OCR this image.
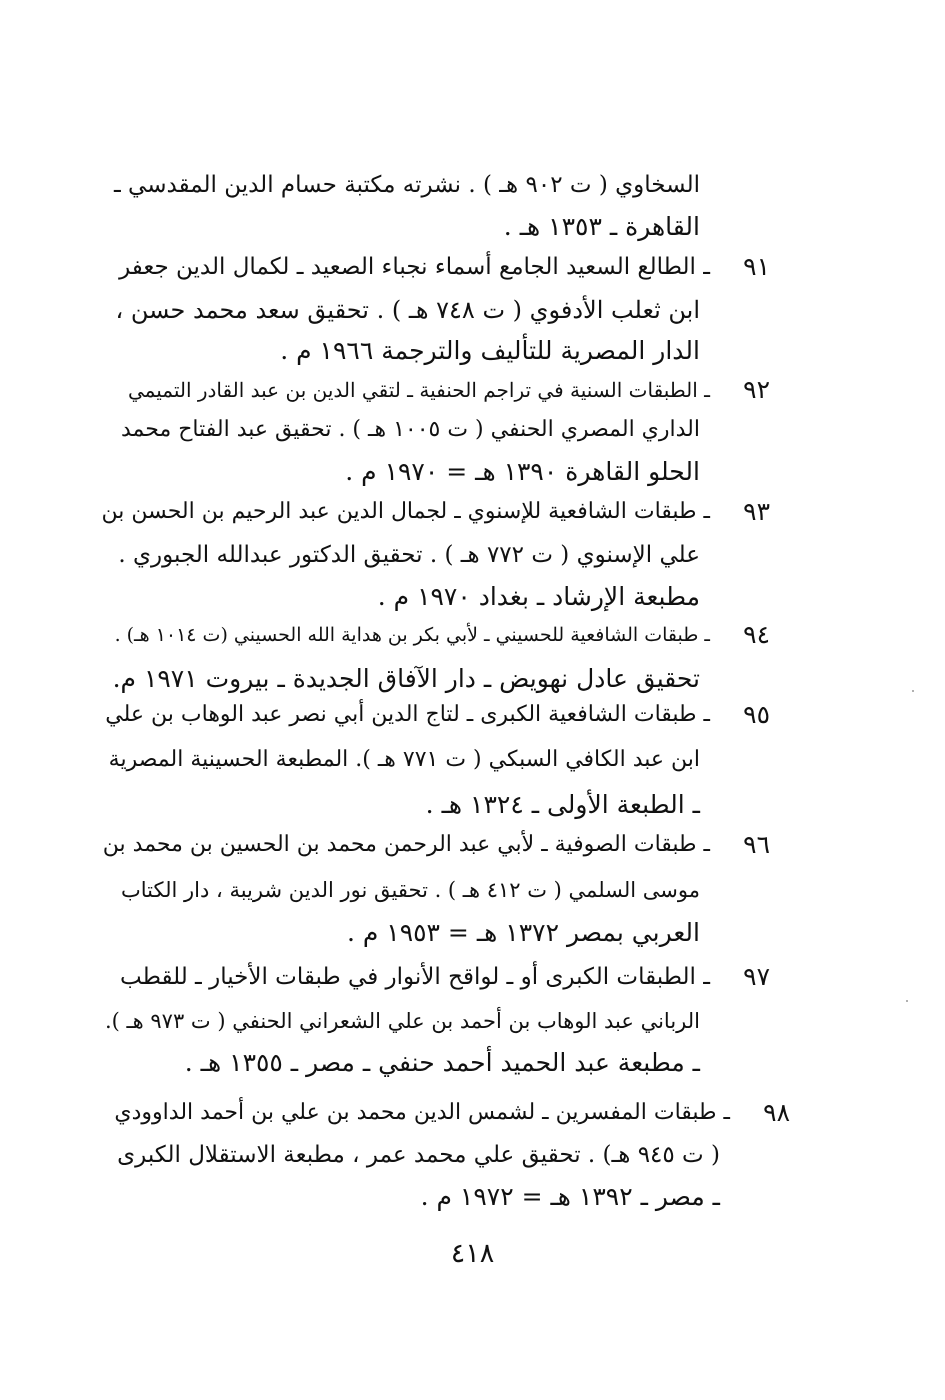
السخاوي ( ت ٩٠٢ هـ ) . نشرته مكتبة حسام الدين المقدسي ـ
القاهرة ـ ١٣٥٣ هـ .
٩١
ـ الطالع السعيد الجامع أسماء نجباء الصعيد ـ لكمال الدين جعفر
ابن ثعلب الأدفوي ( ت ٧٤٨ هـ ) . تحقيق سعد محمد حسن ،
الدار المصرية للتأليف والترجمة ١٩٦٦ م .
٩٢
ـ الطبقات السنية في تراجم الحنفية ـ لتقي الدين بن عبد القادر التميمي
الداري المصري الحنفي ( ت ١٠٠٥ هـ ) . تحقيق عبد الفتاح محمد
الحلو القاهرة ١٣٩٠ هـ = ١٩٧٠ م .
٩٣
ـ طبقات الشافعية للإسنوي ـ لجمال الدين عبد الرحيم بن الحسن بن
علي الإسنوي ( ت ٧٧٢ هـ ) . تحقيق الدكتور عبدالله الجبوري .
مطبعة الإرشاد ـ بغداد ١٩٧٠ م .
٩٤
ـ طبقات الشافعية للحسيني ـ لأبي بكر بن هداية الله الحسيني (ت ١٠١٤ هـ) .
تحقيق عادل نهويض ـ دار الآفاق الجديدة ـ بيروت ١٩٧١ م.
٩٥
ـ طبقات الشافعية الكبرى ـ لتاج الدين أبي نصر عبد الوهاب بن علي
ابن عبد الكافي السبكي ( ت ٧٧١ هـ ). المطبعة الحسينية المصرية
ـ الطبعة الأولى ـ ١٣٢٤ هـ .
٩٦
ـ طبقات الصوفية ـ لأبي عبد الرحمن محمد بن الحسين بن محمد بن
موسى السلمي ( ت ٤١٢ هـ ) . تحقيق نور الدين شريبة ، دار الكتاب
العربي بمصر ١٣٧٢ هـ = ١٩٥٣ م .
٩٧
ـ الطبقات الكبرى أو ـ لواقح الأنوار في طبقات الأخيار ـ للقطب
الرباني عبد الوهاب بن أحمد بن علي الشعراني الحنفي ( ت ٩٧٣ هـ ).
ـ مطبعة عبد الحميد أحمد حنفي ـ مصر ـ ١٣٥٥ هـ .
٩٨
ـ طبقات المفسرين ـ لشمس الدين محمد بن علي بن أحمد الداوودي
( ت ٩٤٥ هـ) . تحقيق علي محمد عمر ، مطبعة الاستقلال الكبرى
ـ مصر ـ ١٣٩٢ هـ = ١٩٧٢ م .
٤١٨
